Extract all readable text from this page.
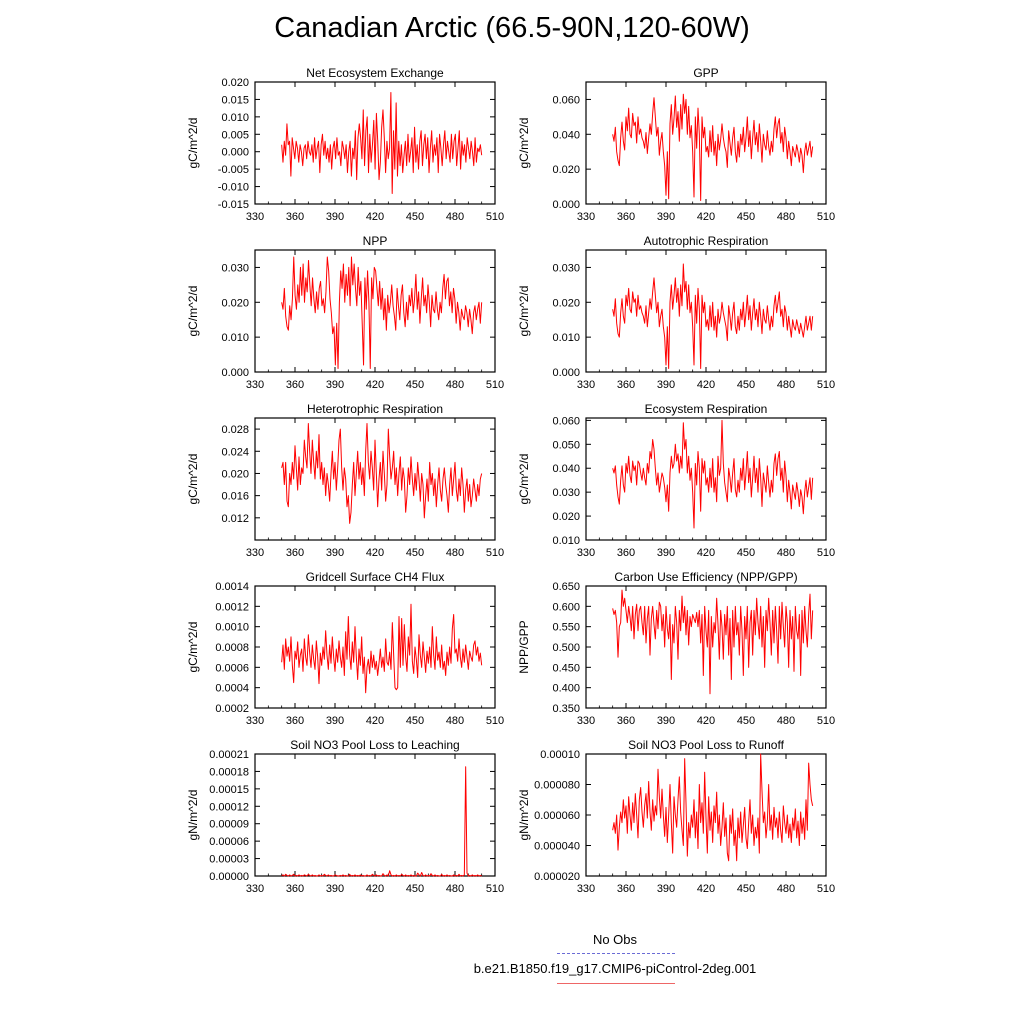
Canadian Arctic (66.5-90N,120-60W)
Net Ecosystem Exchange
gC/m^2/d
330 360 390 420 450 480 510
-0.015
-0.010
-0.005
0.000
0.005
0.010
0.015
0.020
GPP
gC/m^2/d
330 360 390 420 450 480 510
0.000
0.020
0.040
0.060
NPP
gC/m^2/d
330 360 390 420 450 480 510
0.000
0.010
0.020
0.030
Autotrophic Respiration
gC/m^2/d
330 360 390 420 450 480 510
0.000
0.010
0.020
0.030
Heterotrophic Respiration
gC/m^2/d
330 360 390 420 450 480 510
0.012
0.016
0.020
0.024
0.028
Ecosystem Respiration
gC/m^2/d
330 360 390 420 450 480 510
0.010
0.020
0.030
0.040
0.050
0.060
Gridcell Surface CH4 Flux
gC/m^2/d
330 360 390 420 450 480 510
0.0002
0.0004
0.0006
0.0008
0.0010
0.0012
0.0014
Carbon Use Efficiency (NPP/GPP)
NPP/GPP
330 360 390 420 450 480 510
0.350
0.400
0.450
0.500
0.550
0.600
0.650
Soil NO3 Pool Loss to Leaching
gN/m^2/d
330 360 390 420 450 480 510
0.00000
0.00003
0.00006
0.00009
0.00012
0.00015
0.00018
0.00021
Soil NO3 Pool Loss to Runoff
gN/m^2/d
330 360 390 420 450 480 510
0.000020
0.000040
0.000060
0.000080
0.00010
No Obs
b.e21.B1850.f19_g17.CMIP6-piControl-2deg.001
